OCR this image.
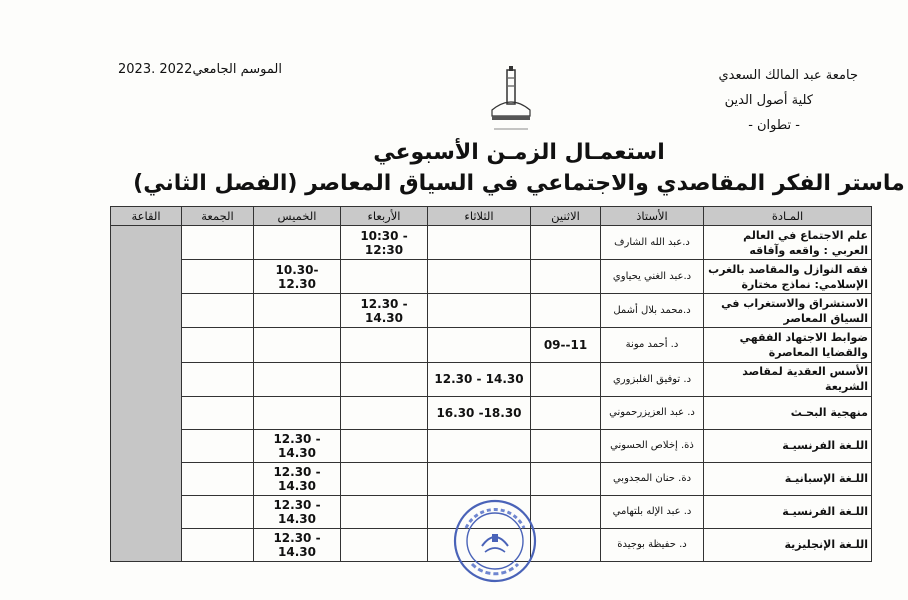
جامعة عبد المالك السعدي
كلية أصول الدين
- تطوان -
الموسم الجامعي2022 .2023
استعمـال الزمـن الأسبوعي
ماستر الفكر المقاصدي والاجتماعي في السياق المعاصر (الفصل الثاني)
المـادة	الأستاذ	الاثنين	الثلاثاء	الأربعاء	الخميس	الجمعة	القاعة
علم الاجتماع في العالم العربي : واقعه وآفاقه	د.عبد الله الشارف			10:30 - 12:30			
فقه النوازل والمقاصد بالغرب الإسلامي: نماذج مختارة	د.عبد الغني يحياوي				10.30- 12.30		
الاستشراق والاستغراب في السياق المعاصر	د.محمد بلال أشمل			12.30 - 14.30			
ضوابط الاجتهاد الفقهي والقضايا المعاصرة	د. أحمد مونة	09--11					
الأسس العقدية لمقاصد الشريعة	د. توفيق الغلبزوري		12.30 - 14.30				
منهجية البحـث	د. عبد العزيزرحموني		16.30 -18.30				
اللـغة الفرنسيـة	ذة. إخلاص الحسوني				12.30 - 14.30		
اللـغة الإسبانيـة	دة. حنان المجدوبي				12.30 - 14.30		
اللـغة الفرنسيـة	د. عبد الإله بلتهامي				12.30 - 14.30		
اللـغة الإنجليزية	د. حفيظة بوجيدة				12.30 - 14.30		
